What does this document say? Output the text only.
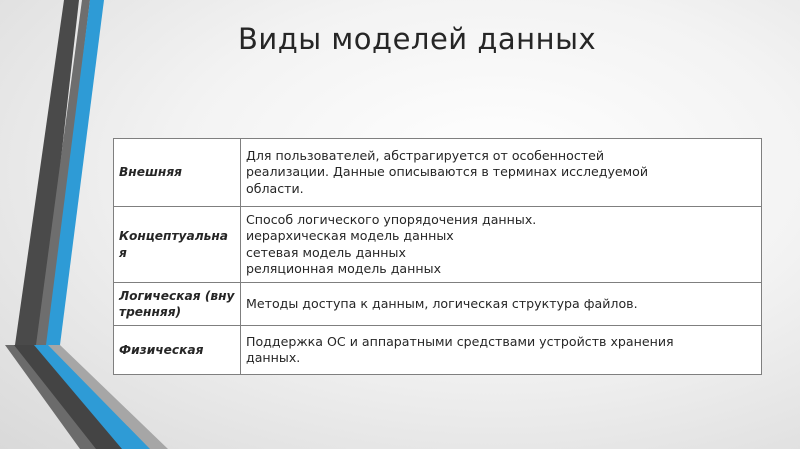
Виды моделей данных
Внешняя	Для пользователей, абстрагируется от особенностей
реализации. Данные описываются в терминах исследуемой
области.
Концептуальная	Способ логического упорядочения данных.
иерархическая модель данных
сетевая модель данных
реляционная модель данных
Логическая (внутренняя)	Методы доступа к данным, логическая структура файлов.
Физическая	Поддержка ОС и аппаратными средствами устройств хранения
данных.
